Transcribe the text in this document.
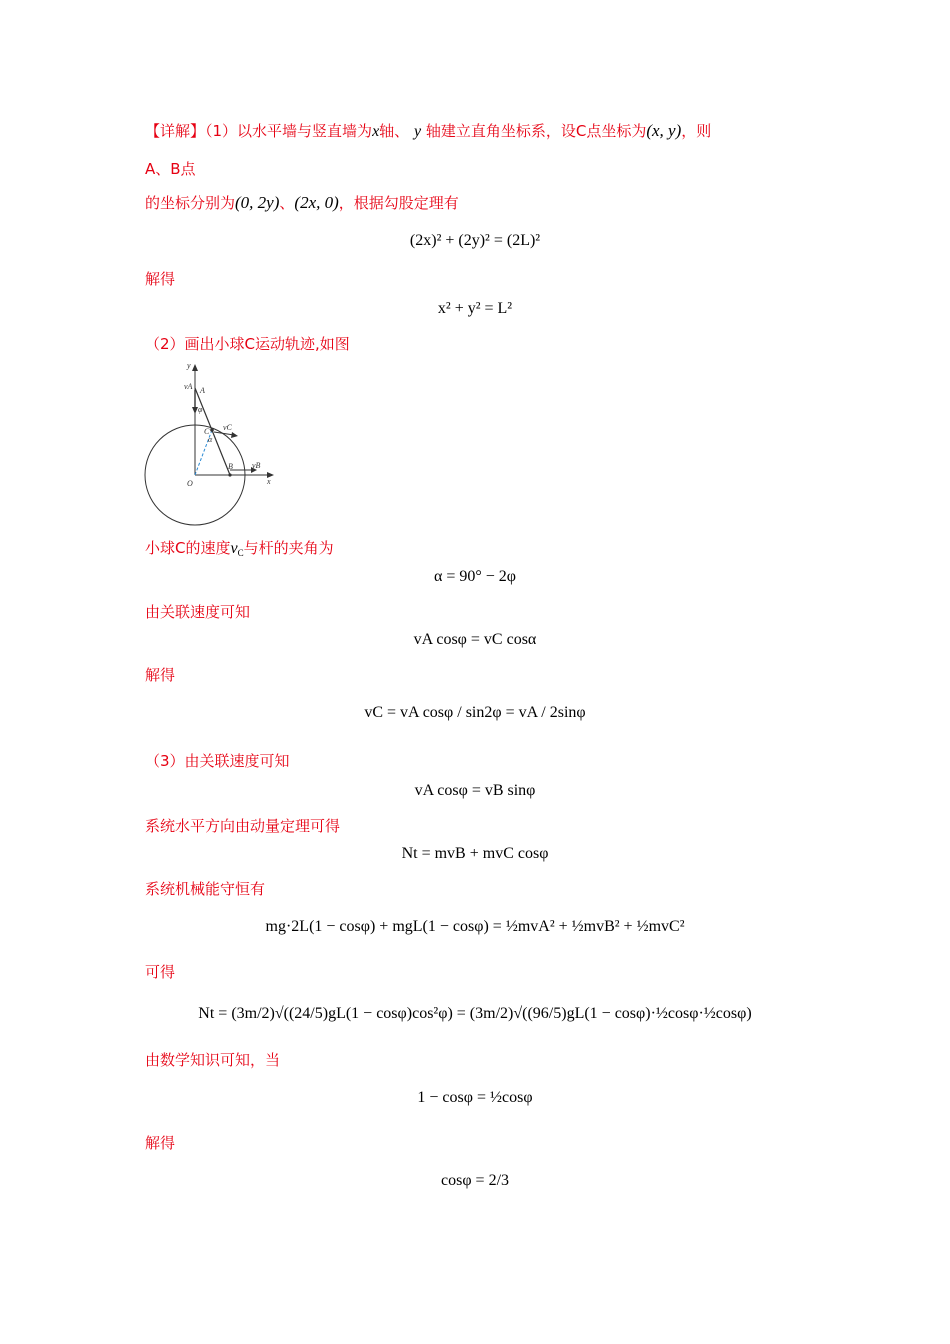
【详解】（1）以水平墙与竖直墙为x轴、 y 轴建立直角坐标系，设C点坐标为(x, y)，则
A、B点
的坐标分别为(0, 2y)、(2x, 0)，根据勾股定理有
(2x)² + (2y)² = (2L)²
解得
x² + y² = L²
（2）画出小球C运动轨迹,如图
y
x
vA A
φ
C
α
vC
B vB
O
小球C的速度$v_C$与杆的夹角为
α = 90° − 2φ
由关联速度可知
vA cosφ = vC cosα
解得
vC = vA cosφ / sin2φ = vA / 2sinφ
（3）由关联速度可知
vA cosφ = vB sinφ
系统水平方向由动量定理可得
Nt = mvB + mvC cosφ
系统机械能守恒有
mg·2L(1 − cosφ) + mgL(1 − cosφ) = ½mvA² + ½mvB² + ½mvC²
可得
Nt = (3m/2)√((24/5)gL(1 − cosφ)cos²φ) = (3m/2)√((96/5)gL(1 − cosφ)·½cosφ·½cosφ)
由数学知识可知，当
1 − cosφ = ½cosφ
解得
cosφ = 2/3
